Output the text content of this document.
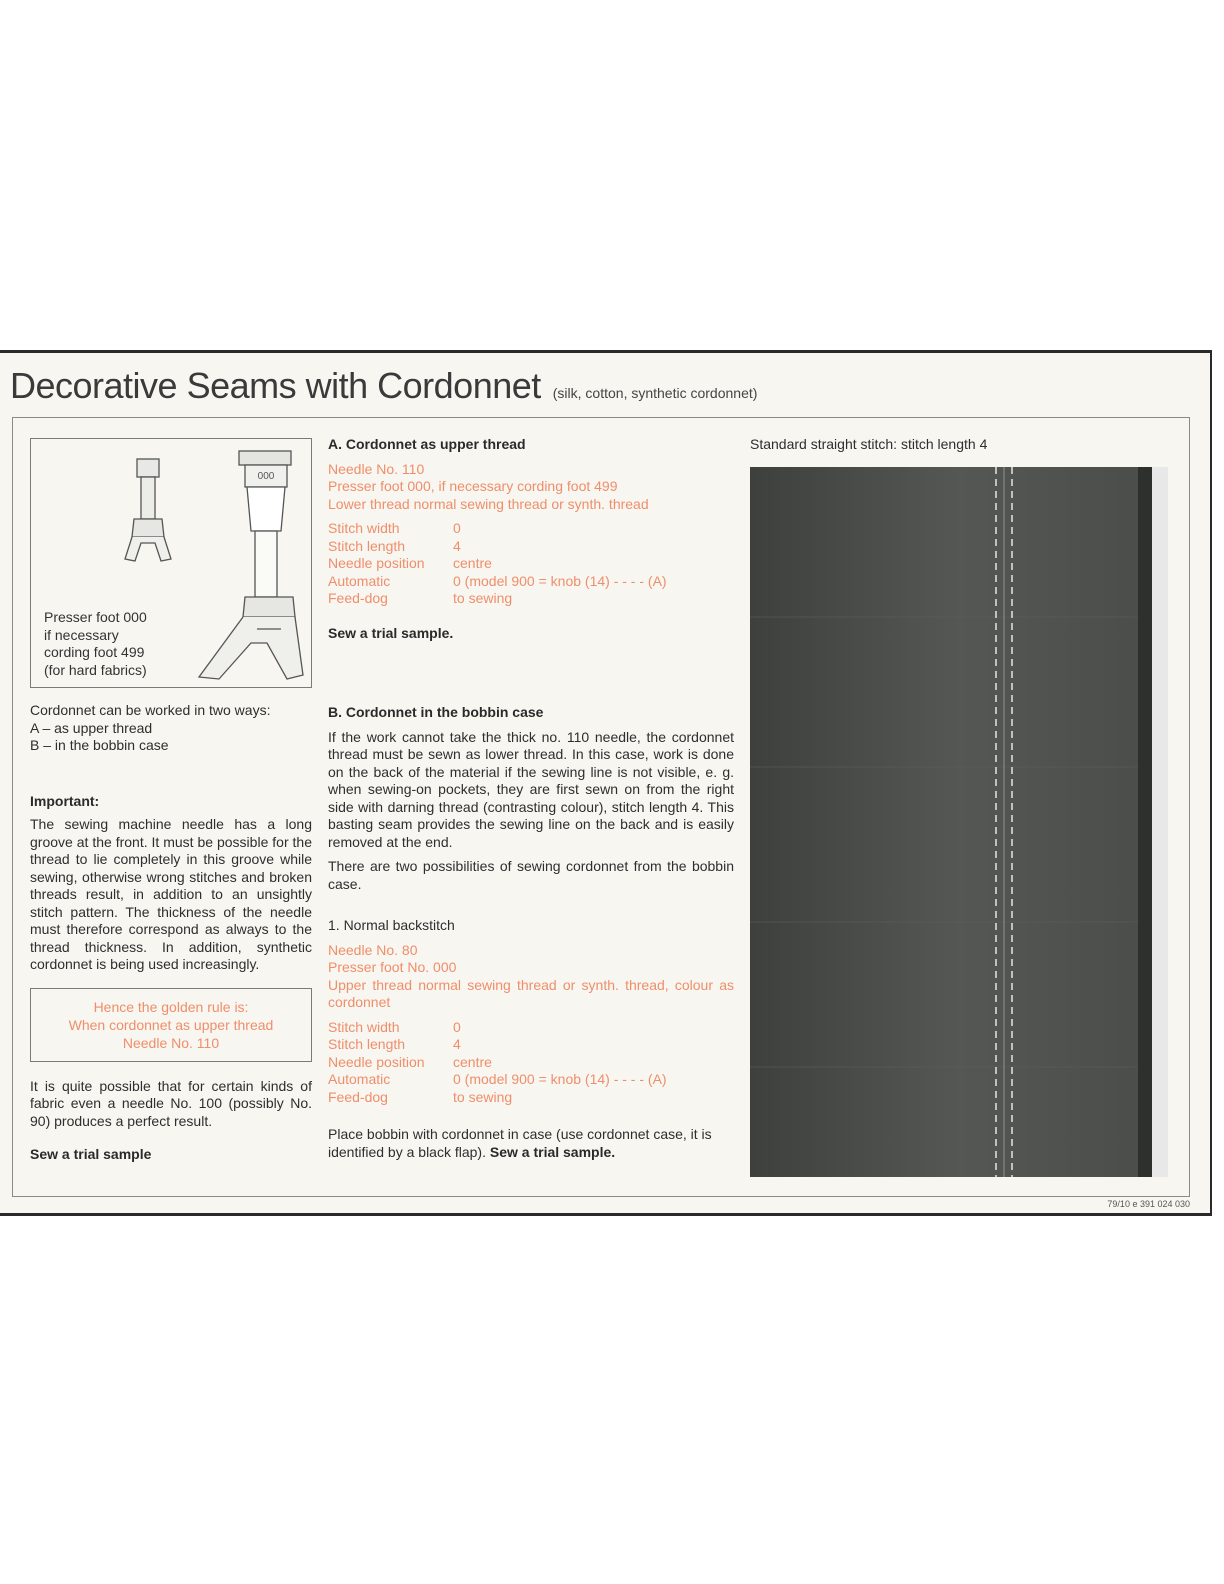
Decorative Seams with Cordonnet (silk, cotton, synthetic cordonnet)
000
Presser foot 000
if necessary
cording foot 499
(for hard fabrics)

Cordonnet can be worked in two ways:

A – as upper thread

B – in the bobbin case

Important:

The sewing machine needle has a long groove at the front. It must be possible for the thread to lie completely in this groove while sewing, otherwise wrong stitches and broken threads result, in addition to an unsightly stitch pattern. The thickness of the needle must therefore correspond as always to the thread thickness. In addition, synthetic cordonnet is being used increasingly.

Hence the golden rule is:
When cordonnet as upper thread
Needle No. 110

It is quite possible that for certain kinds of fabric even a needle No. 100 (possibly No. 90) produces a perfect result.

Sew a trial sample

A. Cordonnet as upper thread

Needle No. 110

Presser foot 000, if necessary cording foot 499

Lower thread normal sewing thread or synth. thread

Stitch width	0
Stitch length	4
Needle position	centre
Automatic	0 (model 900 = knob (14) - - - - (A)
Feed-dog	to sewing

Sew a trial sample.

B. Cordonnet in the bobbin case

If the work cannot take the thick no. 110 needle, the cordonnet thread must be sewn as lower thread. In this case, work is done on the back of the material if the sewing line is not visible, e. g. when sewing-on pockets, they are first sewn on from the right side with darning thread (contrasting colour), stitch length 4. This basting seam provides the sewing line on the back and is easily removed at the end.

There are two possibilities of sewing cordonnet from the bobbin case.

1. Normal backstitch

Needle No. 80

Presser foot No. 000

Upper thread normal sewing thread or synth. thread, colour as cordonnet

Stitch width	0
Stitch length	4
Needle position	centre
Automatic	0 (model 900 = knob (14) - - - - (A)
Feed-dog	to sewing

Place bobbin with cordonnet in case (use cordonnet case, it is identified by a black flap). Sew a trial sample.

Standard straight stitch: stitch length 4

79/10 e 391 024 030
